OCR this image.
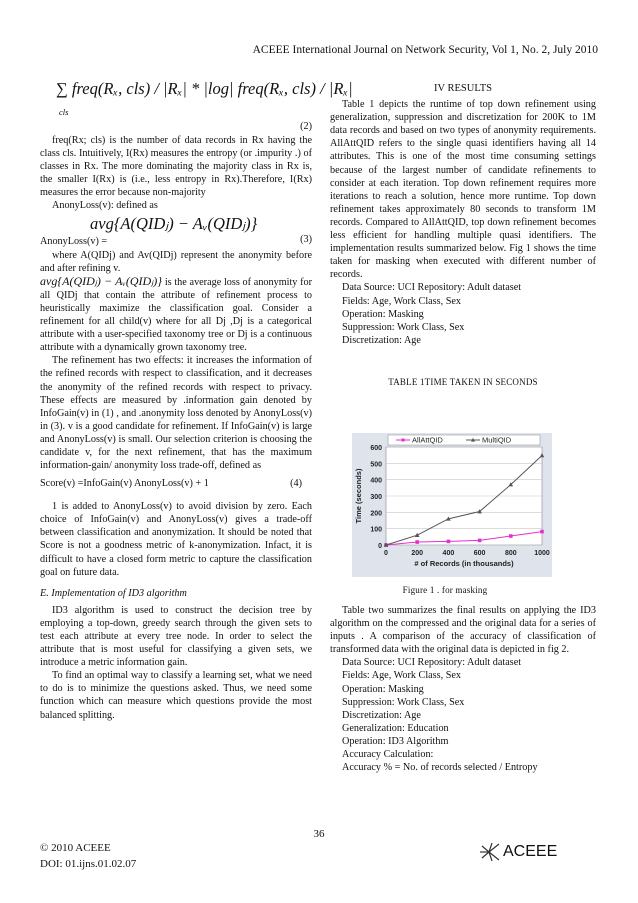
ACEEE International Journal on Network Security, Vol 1, No. 2, July 2010
∑ freq(Rₓ, cls) / |Rₓ| * |log| freq(Rₓ, cls) / |Rₓ|
cls
(2)

freq(Rx; cls) is the number of data records in Rx having the class cls. Intuitively, I(Rx) measures the entropy (or .impurity .) of classes in Rx. The more dominating the majority class in Rx is, the smaller I(Rx) is (i.e., less entropy in Rx).Therefore, I(Rx) measures the error because non-majority

AnonyLoss(v): defined as

avg{A(QIDⱼ) − Aᵥ(QIDⱼ)}
AnonyLoss(v) =	(3)

where A(QIDj) and Av(QIDj) represent the anonymity before and after refining v.

avg{A(QIDⱼ) − Aᵥ(QIDⱼ)} is the average loss of anonymity for all QIDj that contain the attribute of refinement process to heuristically maximize the classification goal. Consider a refinement for all child(v) where for all Dj ,Dj is a categorical attribute with a user-specified taxonomy tree or Dj is a continuous attribute with a dynamically grown taxonomy tree.

The refinement has two effects: it increases the information of the refined records with respect to classification, and it decreases the anonymity of the refined records with respect to privacy. These effects are measured by .information gain denoted by InfoGain(v) in (1) , and .anonymity loss denoted by AnonyLoss(v) in (3). v is a good candidate for refinement. If InfoGain(v) is large and AnonyLoss(v) is small. Our selection criterion is choosing the candidate v, for the next refinement, that has the maximum information-gain/ anonymity loss trade-off, defined as

Score(v) =InfoGain(v) AnonyLoss(v) + 1	(4)

1 is added to AnonyLoss(v) to avoid division by zero. Each choice of InfoGain(v) and AnonyLoss(v) gives a trade-off between classification and anonymization. It should be noted that Score is not a goodness metric of k-anonymization. Infact, it is difficult to have a closed form metric to capture the classification goal on future data.

E. Implementation of ID3 algorithm

ID3 algorithm is used to construct the decision tree by employing a top-down, greedy search through the given sets to test each attribute at every tree node. In order to select the attribute that is most useful for classifying a given sets, we introduce a metric information gain.

To find an optimal way to classify a learning set, what we need to do is to minimize the questions asked. Thus, we need some function which can measure which questions provide the most balanced splitting.

IV RESULTS

Table 1 depicts the runtime of top down refinement using generalization, suppression and discretization for 200K to 1M data records and based on two types of anonymity requirements. AllAttQID refers to the single quasi identifiers having all 14 attributes. This is one of the most time consuming settings because of the largest number of candidate refinements to consider at each iteration. Top down refinement requires more iterations to reach a solution, hence more runtime. Top down refinement takes approximately 80 seconds to transform 1M records. Compared to AllAttQID, top down refinement becomes less efficient for handling multiple quasi identifiers. The implementation results summarized below. Fig 1 shows the time taken for masking when executed with different number of records.

Data Source: UCI Repository: Adult dataset

Fields: Age, Work Class, Sex

Operation: Masking

Suppression: Work Class, Sex

Discretization: Age

TABLE 1TIME TAKEN IN SECONDS
0
100
200
300
400
500
600
0	200	400	600	800	1000
# of Records (in thousands)
Time (seconds)
AllAttQID	MultiQID
Figure 1 . for masking

Table two summarizes the final results on applying the ID3 algorithm on the compressed and the original data for a series of inputs . A comparison of the accuracy of classification of transformed data with the original data is depicted in fig 2.

Data Source: UCI Repository: Adult dataset

Fields: Age, Work Class, Sex

Operation: Masking

Suppression: Work Class, Sex

Discretization: Age

Generalization: Education

Operation: ID3 Algorithm

Accuracy Calculation:

Accuracy % = No. of records selected / Entropy

36
© 2010 ACEEE
DOI: 01.ijns.01.02.07
ACEEE
